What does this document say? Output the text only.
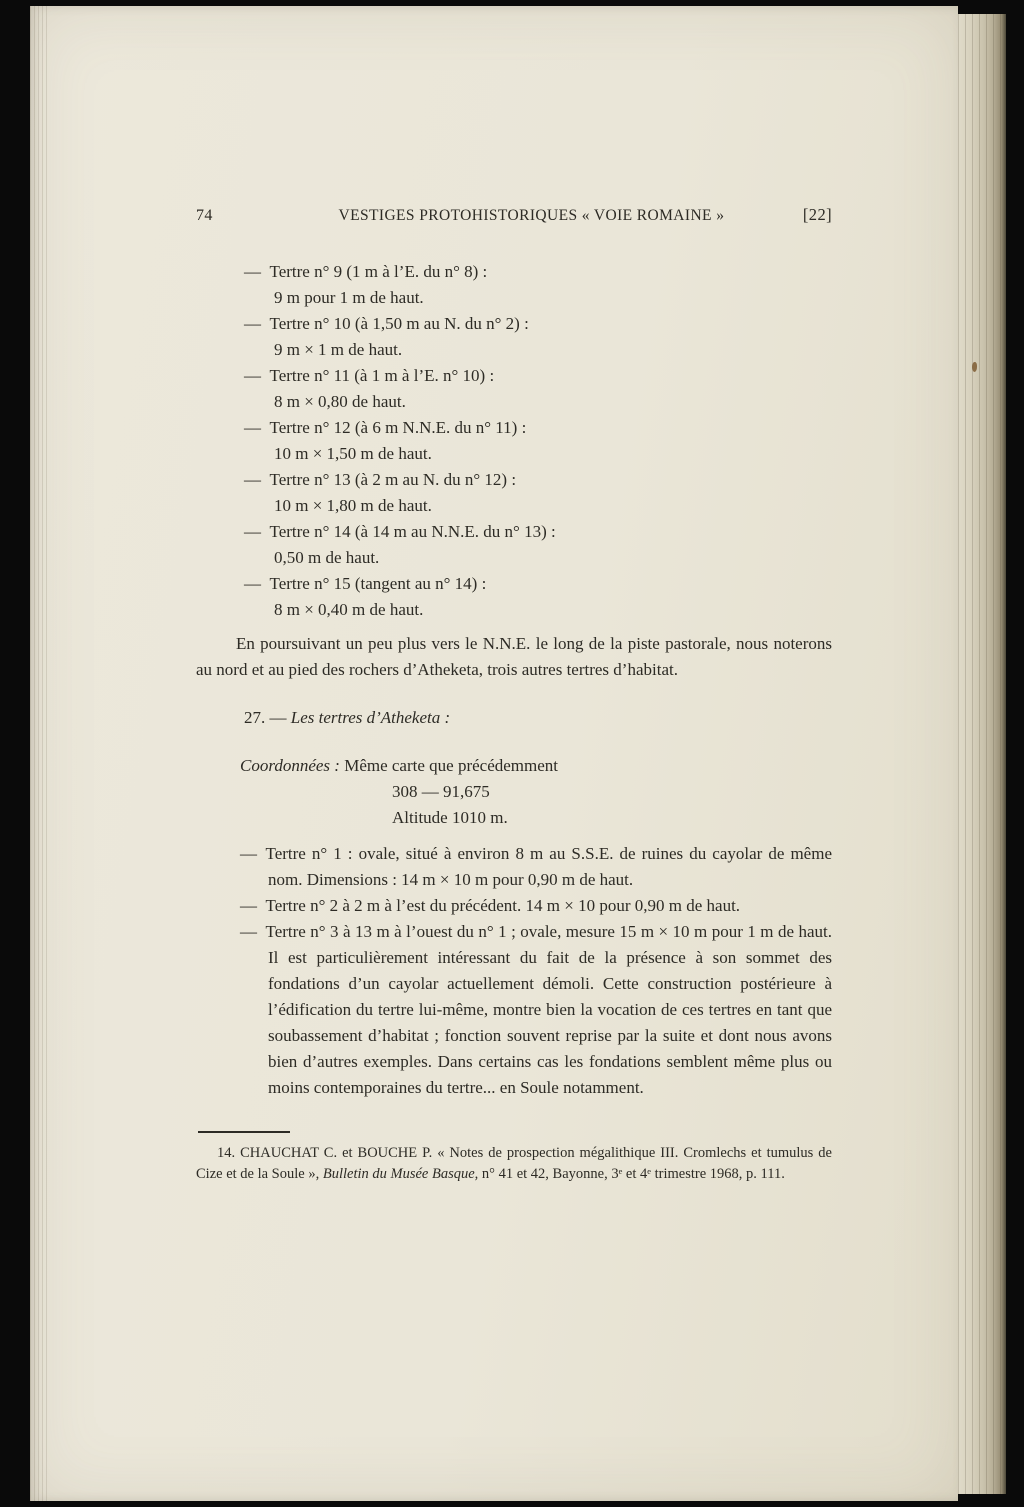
74	VESTIGES PROTOHISTORIQUES « VOIE ROMAINE »	[22]
— Tertre n° 9 (1 m à l’E. du n° 8) :
9 m pour 1 m de haut.
— Tertre n° 10 (à 1,50 m au N. du n° 2) :
9 m × 1 m de haut.
— Tertre n° 11 (à 1 m à l’E. n° 10) :
8 m × 0,80 de haut.
— Tertre n° 12 (à 6 m N.N.E. du n° 11) :
10 m × 1,50 m de haut.
— Tertre n° 13 (à 2 m au N. du n° 12) :
10 m × 1,80 m de haut.
— Tertre n° 14 (à 14 m au N.N.E. du n° 13) :
0,50 m de haut.
— Tertre n° 15 (tangent au n° 14) :
8 m × 0,40 m de haut.
En poursuivant un peu plus vers le N.N.E. le long de la piste pastorale, nous noterons au nord et au pied des rochers d’Atheketa, trois autres tertres d’habitat.
27. — Les tertres d’Atheketa :
Coordonnées : Même carte que précédemment
308 — 91,675
Altitude 1010 m.
— Tertre n° 1 : ovale, situé à environ 8 m au S.S.E. de ruines du cayolar de même nom. Dimensions : 14 m × 10 m pour 0,90 m de haut.
— Tertre n° 2 à 2 m à l’est du précédent. 14 m × 10 pour 0,90 m de haut.
— Tertre n° 3 à 13 m à l’ouest du n° 1 ; ovale, mesure 15 m × 10 m pour 1 m de haut. Il est particulièrement intéressant du fait de la présence à son sommet des fondations d’un cayolar actuellement démoli. Cette construction postérieure à l’édification du tertre lui-même, montre bien la vocation de ces tertres en tant que soubassement d’habitat ; fonction souvent reprise par la suite et dont nous avons bien d’autres exemples. Dans certains cas les fondations semblent même plus ou moins contemporaines du tertre... en Soule notamment.
14. CHAUCHAT C. et BOUCHE P. « Notes de prospection mégalithique III. Cromlechs et tumulus de Cize et de la Soule », Bulletin du Musée Basque, n° 41 et 42, Bayonne, 3ᵉ et 4ᵉ trimestre 1968, p. 111.
